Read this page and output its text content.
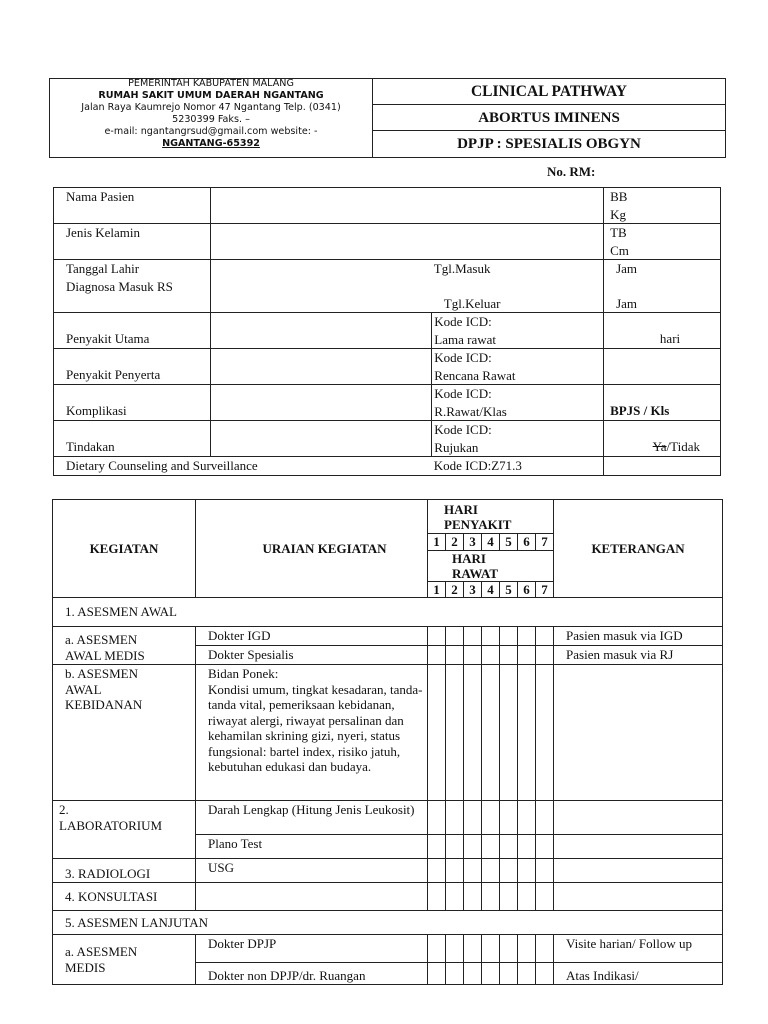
PEMERINTAH KABUPATEN MALANG
RUMAH SAKIT UMUM DAERAH NGANTANG
Jalan Raya Kaumrejo Nomor 47 Ngantang Telp. (0341)
5230399 Faks. –
e-mail: ngantangrsud@gmail.com website: -
NGANTANG-65392
CLINICAL PATHWAY
ABORTUS IMINENS
DPJP : SPESIALIS OBGYN
No. RM:
Nama Pasien			BB
Kg
Jenis Kelamin			TB
Cm
Tanggal Lahir		Tgl.Masuk	Jam
Diagnosa Masuk RS		Tgl.Keluar	Jam
Penyakit Utama		Kode ICD:
Lama rawat	hari
Penyakit Penyerta		Kode ICD:
Rencana Rawat	
Komplikasi		Kode ICD:
R.Rawat/Klas	BPJS / Kls
Tindakan		Kode ICD:
Rujukan	Ya/Tidak
Dietary Counseling and Surveillance		Kode ICD:Z71.3	
KEGIATAN	URAIAN KEGIATAN	HARI PENYAKIT							KETERANGAN
		1	2	3	4	5	6	7	
		HARI RAWAT							
		1	2	3	4	5	6	7	
1. ASESMEN AWAL									
a. ASESMEN AWAL MEDIS	Dokter IGD								Pasien masuk via IGD
	Dokter Spesialis								Pasien masuk via RJ
b. ASESMEN AWAL KEBIDANAN	Bidan Ponek:
Kondisi umum, tingkat kesadaran, tanda-tanda vital, pemeriksaan kebidanan, riwayat alergi, riwayat persalinan dan kehamilan skrining gizi, nyeri, status fungsional: bartel index, risiko jatuh, kebutuhan edukasi dan budaya.								
2. LABORATORIUM	Darah Lengkap (Hitung Jenis Leukosit)								
	Plano Test								
3. RADIOLOGI	USG								
4. KONSULTASI									
5. ASESMEN LANJUTAN									
a. ASESMEN MEDIS	Dokter DPJP								Visite harian/ Follow up
	Dokter non DPJP/dr. Ruangan								Atas Indikasi/
